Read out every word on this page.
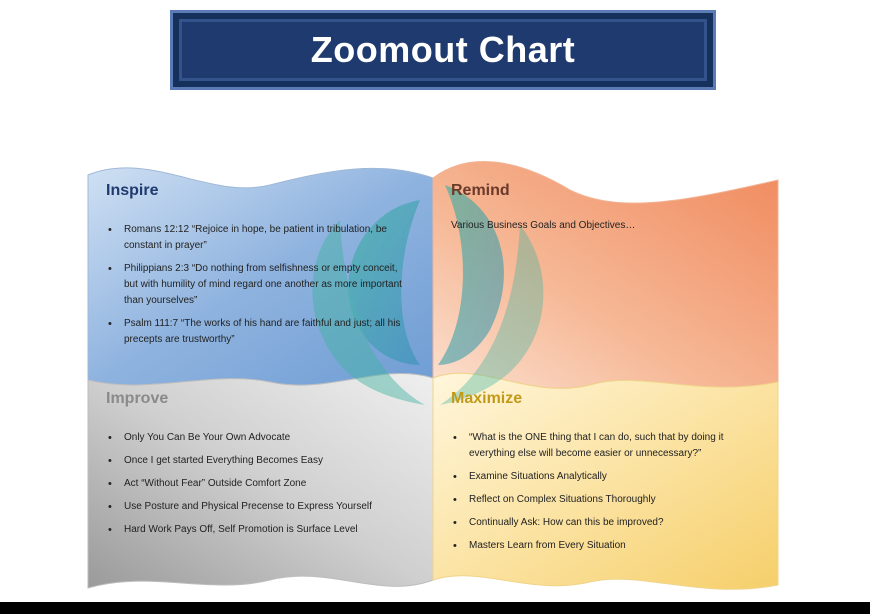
Zoomout Chart
Inspire
• Romans 12:12 “Rejoice in hope, be patient in tribulation, be constant in prayer”
• Philippians 2:3 “Do nothing from selfishness or empty conceit, but with humility of mind regard one another as more important than yourselves”
• Psalm 111:7 “The works of his hand are faithful and just; all his precepts are trustworthy”
Remind

Various Business Goals and Objectives…

Improve
• Only You Can Be Your Own Advocate
• Once I get started Everything Becomes Easy
• Act “Without Fear” Outside Comfort Zone
• Use Posture and Physical Precense to Express Yourself
• Hard Work Pays Off, Self Promotion is Surface Level
Maximize
• “What is the ONE thing that I can do, such that by doing it everything else will become easier or unnecessary?”
• Examine Situations Analytically
• Reflect on Complex Situations Thoroughly
• Continually Ask: How can this be improved?
• Masters Learn from Every Situation
